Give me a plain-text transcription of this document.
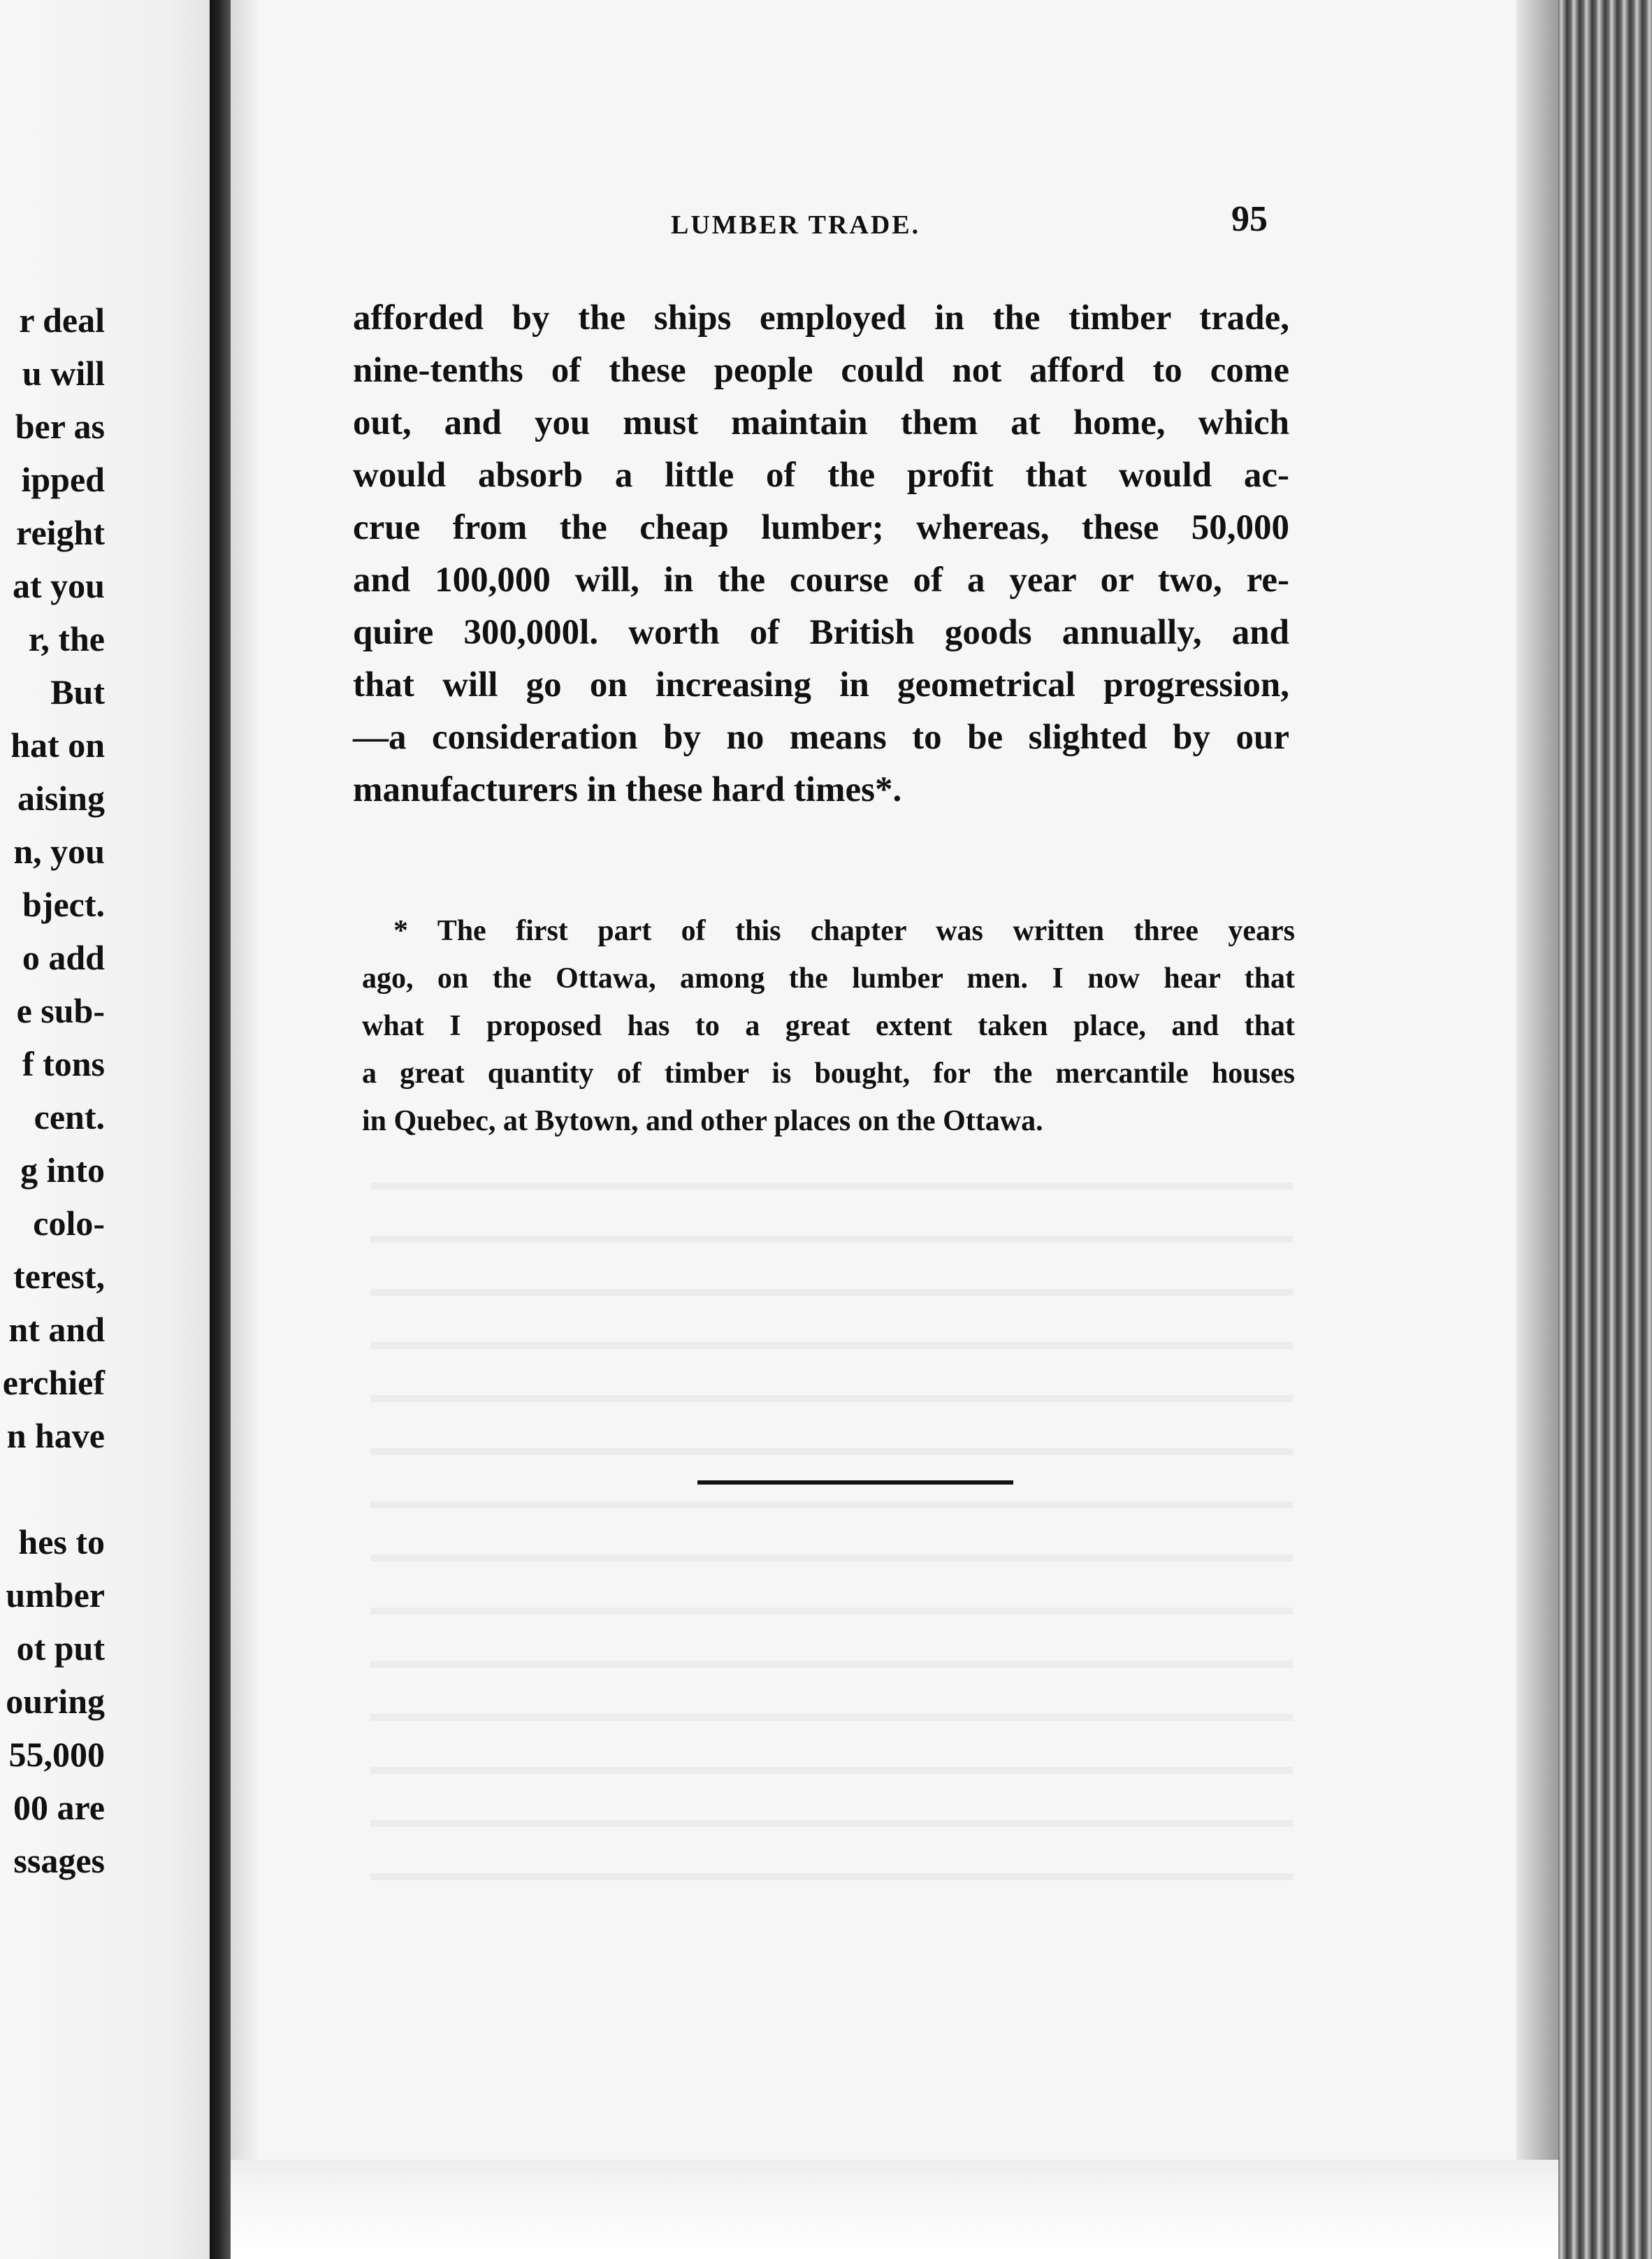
r deal
u will
ber as
ipped
reight
at you
r, the
But
hat on
aising
n, you
bject.
o add
e sub-
f tons
cent.
g into
colo-
terest,
nt and
erchief
n have
hes to
umber
ot put
ouring
55,000
00 are
ssages
LUMBER TRADE.	95
afforded by the ships employed in the timber trade,
nine-tenths of these people could not afford to come
out, and you must maintain them at home, which
would absorb a little of the profit that would ac-
crue from the cheap lumber; whereas, these 50,000
and 100,000 will, in the course of a year or two, re-
quire 300,000l. worth of British goods annually, and
that will go on increasing in geometrical progression,
—a consideration by no means to be slighted by our
manufacturers in these hard times*.
* The first part of this chapter was written three years
ago, on the Ottawa, among the lumber men. I now hear that
what I proposed has to a great extent taken place, and that
a great quantity of timber is bought, for the mercantile houses
in Quebec, at Bytown, and other places on the Ottawa.
